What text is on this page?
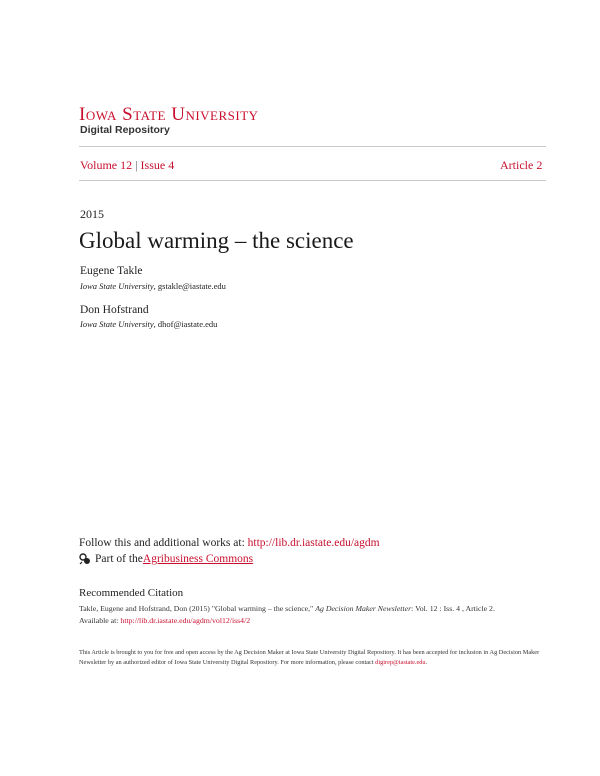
Iowa State University
Digital Repository
Volume 12 | Issue 4	Article 2
2015
Global warming – the science
Eugene Takle
Iowa State University, gstakle@iastate.edu
Don Hofstrand
Iowa State University, dhof@iastate.edu
Follow this and additional works at: http://lib.dr.iastate.edu/agdm
Part of the Agribusiness Commons
Recommended Citation
Takle, Eugene and Hofstrand, Don (2015) "Global warming – the science," Ag Decision Maker Newsletter: Vol. 12 : Iss. 4 , Article 2.
Available at: http://lib.dr.iastate.edu/agdm/vol12/iss4/2
This Article is brought to you for free and open access by the Ag Decision Maker at Iowa State University Digital Repository. It has been accepted for inclusion in Ag Decision Maker Newsletter by an authorized editor of Iowa State University Digital Repository. For more information, please contact digirep@iastate.edu.
